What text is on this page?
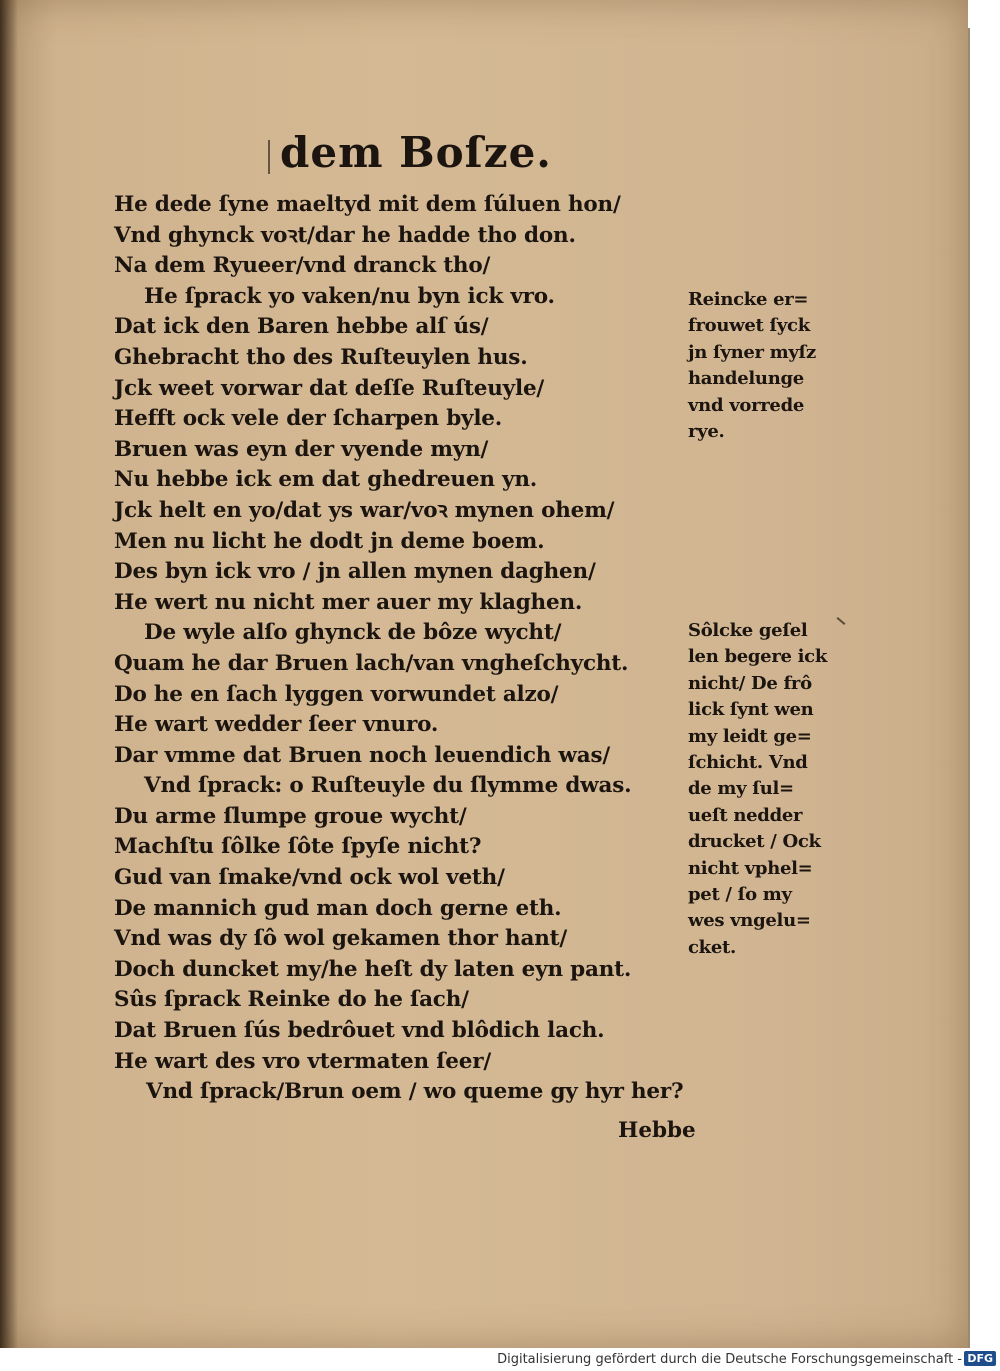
dem Boſze.
He dede ſyne maeltyd mit dem ſúluen hon/
Vnd ghynck voꝛt/dar he hadde tho don.
Na dem Ryueer/vnd dranck tho/
He ſprack yo vaken/nu byn ick vro.
Dat ick den Baren hebbe alſ ús/
Ghebracht tho des Ruſteuylen hus.
Jck weet vorwar dat deſſe Ruſteuyle/
Hefft ock vele der ſcharpen byle.
Bruen was eyn der vyende myn/
Nu hebbe ick em dat ghedreuen yn.
Jck helt en yo/dat ys war/voꝛ mynen ohem/
Men nu licht he dodt jn deme boem.
Des byn ick vro / jn allen mynen daghen/
He wert nu nicht mer auer my klaghen.
De wyle alſo ghynck de bôze wycht/
Quam he dar Bruen lach/van vngheſchycht.
Do he en ſach lyggen vorwundet alzo/
He wart wedder ſeer vnuro.
Dar vmme dat Bruen noch leuendich was/
Vnd ſprack: o Ruſteuyle du ſlymme dwas.
Du arme ſlumpe groue wycht/
Machſtu ſôlke ſôte ſpyſe nicht?
Gud van ſmake/vnd ock wol veth/
De mannich gud man doch gerne eth.
Vnd was dy ſô wol gekamen thor hant/
Doch duncket my/he heſt dy laten eyn pant.
Sûs ſprack Reinke do he ſach/
Dat Bruen ſús bedrôuet vnd blôdich lach.
He wart des vro vtermaten ſeer/
Vnd ſprack/Brun oem / wo queme gy hyr her?
Hebbe
Reincke er=
frouwet ſyck
jn ſyner myſz
handelunge
vnd vorrede
rye.
Sôlcke geſel
len begere ick
nicht/ De frô
lick ſynt wen
my leidt ge=
ſchicht. Vnd
de my ſul=
ueſt nedder
drucket / Ock
nicht vphel=
pet / ſo my
wes vngelu=
cket.
Digitalisierung gefördert durch die Deutsche Forschungsgemeinschaft - DFG
